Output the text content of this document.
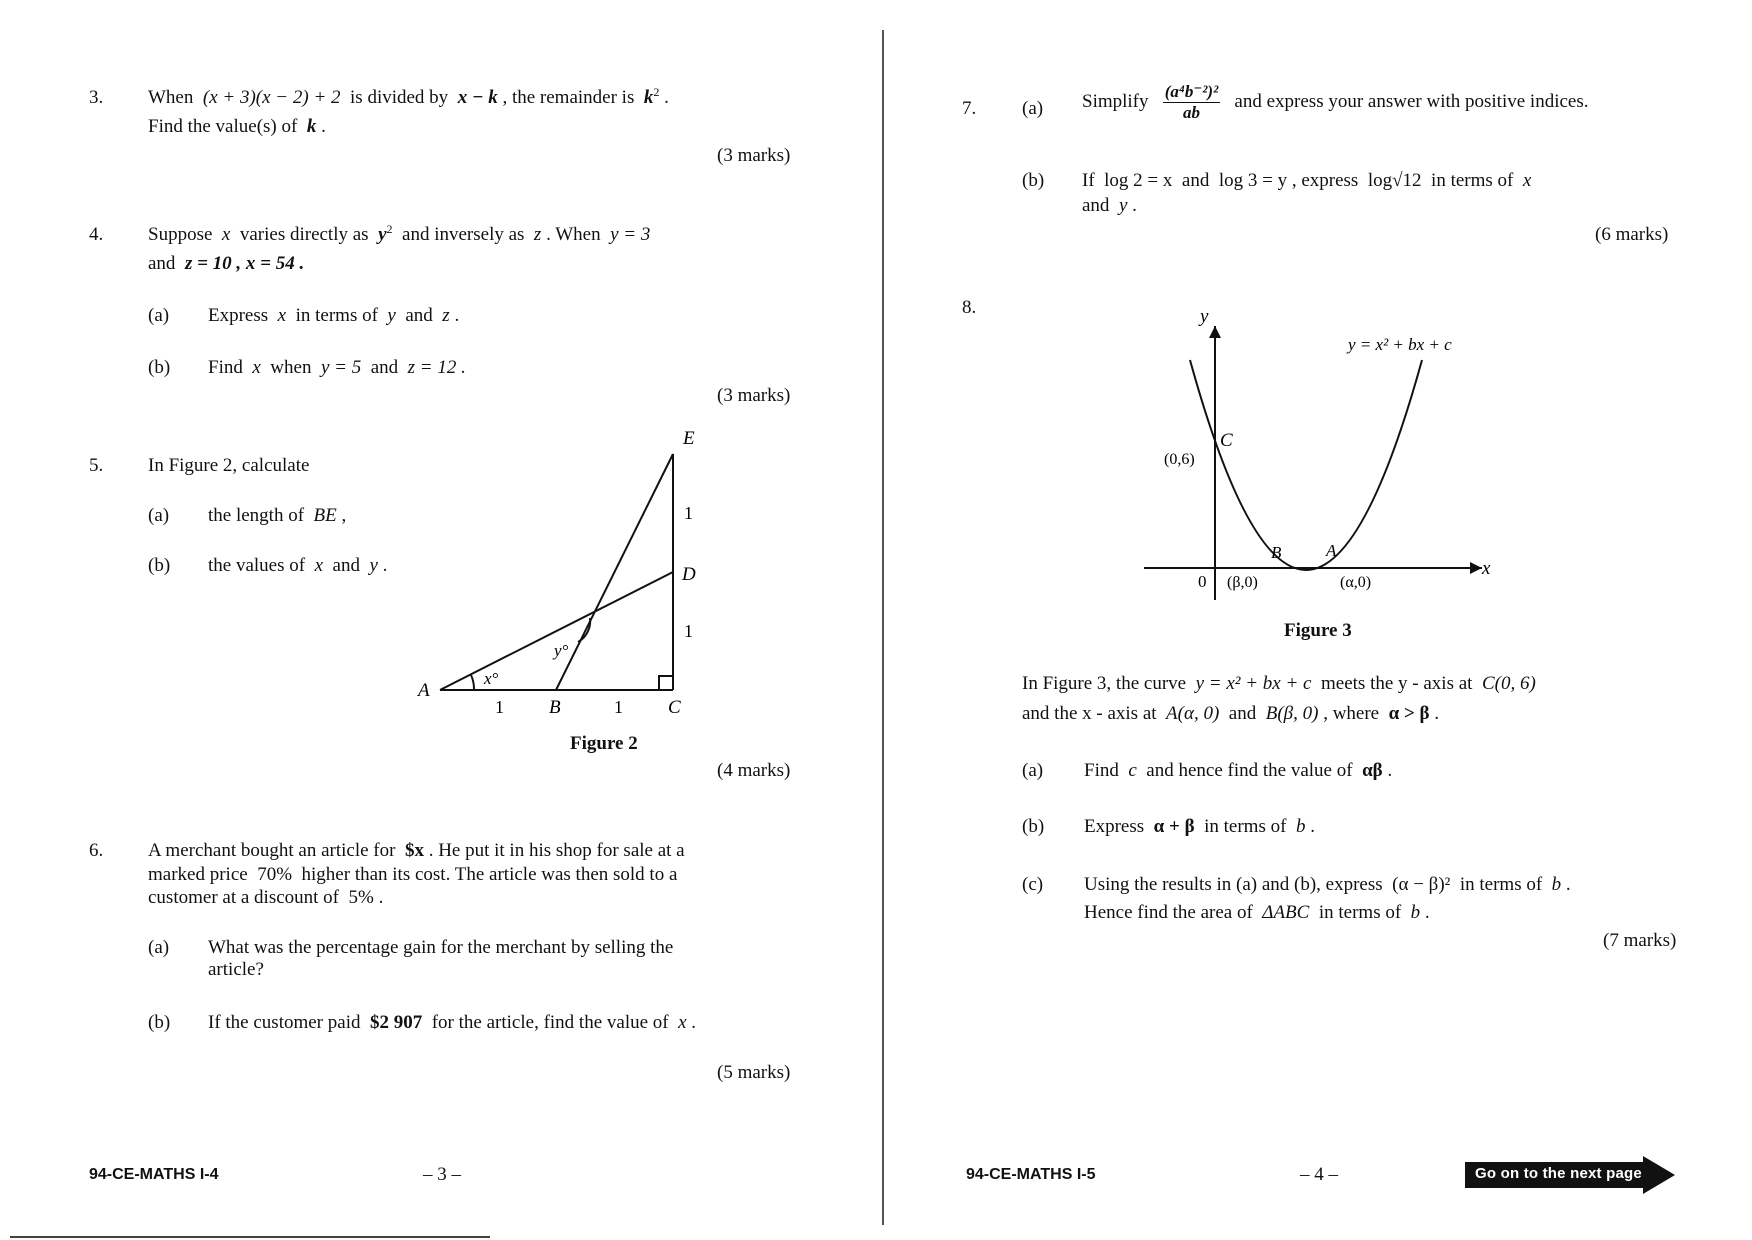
3. When (x + 3)(x − 2) + 2 is divided by x − k , the remainder is $k^2$ .
Find the value(s) of k .
(3 marks)
4. Suppose x varies directly as $y^2$ and inversely as z . When y = 3
and z = 10 , x = 54 .
(a) Express x in terms of y and z .
(b) Find x when y = 5 and z = 12 .
(3 marks)
5. In Figure 2, calculate
(a) the length of BE ,
(b) the values of x and y .
A
B	C
D
E
1	1
1
1
x°
y°
Figure 2
(4 marks)
6. A merchant bought an article for $x . He put it in his shop for sale at a
marked price 70% higher than its cost. The article was then sold to a
customer at a discount of 5% .
(a) What was the percentage gain for the merchant by selling the
article?
(b) If the customer paid $2 907 for the article, find the value of x .
(5 marks)
94-CE-MATHS I-4	– 3 –
7. (a) Simplify $\frac{\text{(a⁴b⁻²)²}}{ab}$ and express your answer with positive indices.
(b) If log 2 = x and log 3 = y , express log√12 in terms of x
and y .
(6 marks)
8.	y
x
0
y = x² + bx + c
C
(0,6)
B
(β,0)
A
(α,0)
Figure 3
In Figure 3, the curve y = x² + bx + c meets the y - axis at C(0, 6)
and the x - axis at A(α, 0) and B(β, 0) , where α > β .
(a) Find c and hence find the value of αβ .
(b) Express α + β in terms of b .
(c) Using the results in (a) and (b), express (α − β)² in terms of b .
Hence find the area of ΔABC in terms of b .
(7 marks)
94-CE-MATHS I-5	– 4 –	Go on to the next page
